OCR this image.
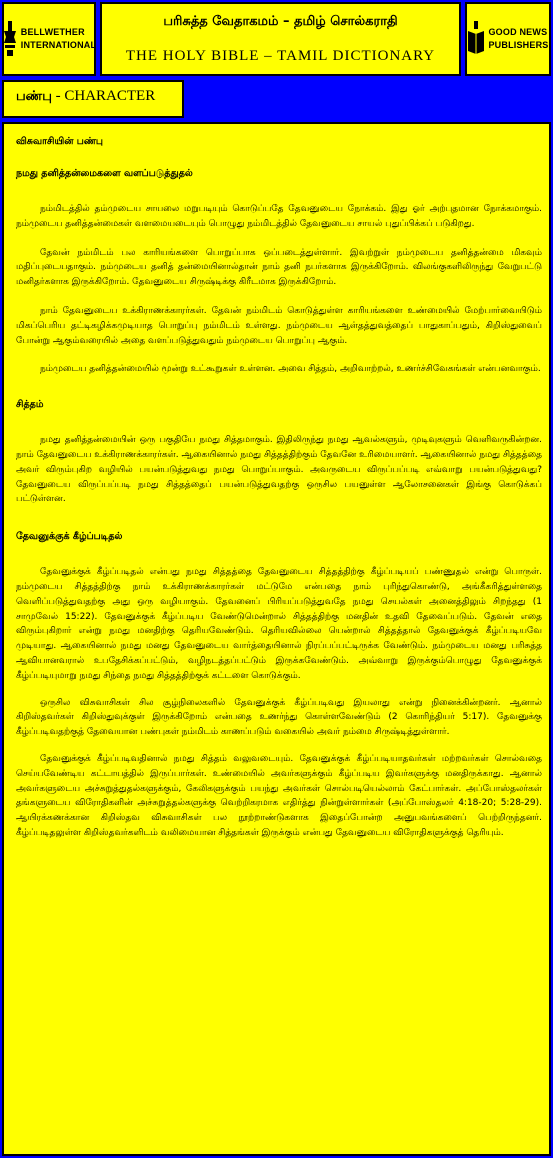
BELLWETHER
INTERNATIONAL
பரிசுத்த வேதாகமம் – தமிழ் சொல்கராதி
THE HOLY BIBLE – TAMIL DICTIONARY
GOOD NEWS
PUBLISHERS
பண்பு - CHARACTER

விசுவாசியின் பண்பு

நமது தனித்தன்மைகளை வளப்படுத்துதல்

நம்மிடத்தில் தம்முடைய சாயலை மறுபடியும் கொடுப்பதே தேவனுடைய நோக்கம். இது ஓர் அற்புதமான நோக்கமாகும். நம்முடைய தனித்தன்மைகள் வளமையடையும் பொழுது நம்மிடத்தில் தேவனுடைய சாயல் புதுப்பிக்கப் படுகிறது.

தேவன் நம்மிடம் பல காரியங்களை பொறுப்பாக ஒப்படைத்துள்ளார். இவற்றுள் நம்முடைய தனித்தன்மை மிகவும் மதிப்புடையதாகும். நம்முடைய தனித் தன்மையினால்தான் நாம் தனி நபர்களாக இருக்கிறோம். விலங்குகளிலிருந்து வேறுபட்டு மனிதர்களாக இருக்கிறோம். தேவனுடைய சிருஷ்டிக்கு கிரீடமாக இருக்கிறோம்.

நாம் தேவனுடைய உக்கிராணக்காரர்கள். தேவன் நம்மிடம் கொடுத்துள்ள காரியங்களை உண்மையில் மேற்பார்வையிடும் மிகப்பெரிய தட்டிகழிக்கமுடியாத பொறுப்பு நம்மிடம் உள்ளது. நம்முடைய ஆள்தத்துவத்தைப் பாதுகாப்பதும், கிறிஸ்துவைப் போன்று ஆகும்வரையில் அதை வளப்படுத்துவதும் நம்முடைய பொறுப்பு ஆகும்.

நம்முடைய தனித்தன்மையில் மூன்று உட்கூறுகள் உள்ளன. அவை சித்தம், அறிவாற்றல், உணர்ச்சிவேகங்கள் என்பனவாகும்.

சித்தம்

நமது தனித்தன்மையின் ஒரு பகுதியே நமது சித்தமாகும். இதிலிருந்து நமது ஆவல்களும், முடிவுகளும் வெளிவருகின்றன. நாம் தேவனுடைய உக்கிராணக்காரர்கள். ஆகையினால் நமது சித்தத்திற்கும் தேவனே உரிமையாளர். ஆகையினால் நமது சித்தத்தை அவர் விரும்புகிற வழியில் பயன்படுத்துவது நமது பொறுப்பாகும். அவருடைய விருப்பப்படி எவ்வாறு பயன்படுத்துவது? தேவனுடைய விருப்பப்படி நமது சித்தத்தைப் பயன்படுத்துவதற்கு ஒருசில பயனுள்ள ஆலோசனைகள் இங்கு கொடுக்கப் பட்டுள்ளன.

தேவனுக்குக் கீழ்ப்படிதல்

தேவனுக்குக் கீழ்ப்படிதல் என்பது நமது சித்தத்தை தேவனுடைய சித்தத்திற்கு கீழ்ப்படியப் பண்ணுதல் என்று பொருள். நம்முடைய சித்தத்திற்கு நாம் உக்கிராணக்காரர்கள் மட்டுமே என்பதை நாம் புரிந்துகொண்டு, அங்கீகரித்துள்ளதை வெளிப்படுத்துவதற்கு அது ஒரு வழியாகும். தேவனைப் பிரியப்படுத்துவதே நமது செயல்கள் அனைத்திலும் சிறந்தது (1 சாமுவேல் 15:22). தேவனுக்குக் கீழ்ப்படிய வேண்டுமென்றால் சித்தத்திற்கு மனதின் உதவி தேவைப்படும். தேவன் எதை விரும்புகிறார் என்று நமது மனதிற்கு தெரியவேண்டும். தெரியவில்லை யென்றால் சித்தத்தால் தேவனுக்குக் கீழ்ப்படியவே முடியாது. ஆகையினால் நமது மனது தேவனுடைய வார்த்தையினால் நிரப்பப்பட்டிருக்க வேண்டும். நம்முடைய மனது பரிசுத்த ஆவியானவரால் உபதேசிக்கப்பட்டும், வழிநடத்தப்பட்டும் இருக்கவேண்டும். அவ்வாறு இருக்கும்பொழுது தேவனுக்குக் கீழ்ப்படியுமாறு நமது சிந்தை நமது சித்தத்திற்குக் கட்டளை கொடுக்கும்.

ஒருசில விசுவாசிகள் சில சூழ்நிலைகளில் தேவனுக்குக் கீழ்ப்படிவது இயலாது என்று நினைக்கின்றனர். ஆனால் கிறிஸ்தவர்கள் கிறிஸ்துவுக்குள் இருக்கிறோம் என்பதை உணர்ந்து கொள்ளவேண்டும் (2 கொரிந்தியர் 5:17). தேவனுக்கு கீழ்ப்படிவதற்குத் தேவையான பண்புகள் நம்மிடம் காணப்படும் வகையில் அவர் நம்மை சிருஷ்டித்துள்ளார்.

தேவனுக்குக் கீழ்ப்படிவதினால் நமது சித்தம் வலுவடையும். தேவனுக்குக் கீழ்ப்படியாதவர்கள் மற்றவர்கள் சொல்வதை செய்யவேண்டிய கட்டாயத்தில் இருப்பார்கள். உண்மையில் அவர்களுக்கும் கீழ்ப்படிய இவர்களுக்கு மனதிருக்காது. ஆனால் அவர்களுடைய அச்சுறுத்துதல்களுக்கும், கேலிகளுக்கும் பயந்து அவர்கள் சொல்படியெல்லாம் கேட்பார்கள். அப்போஸ்தலர்கள் தங்களுடைய விரோதிகளின் அச்சுறுத்தல்களுக்கு வெற்றிகரமாக எதிர்த்து நின்றுள்ளார்கள் (அப்போஸ்தலர் 4:18-20; 5:28-29). ஆயிரக்கணக்கான கிறிஸ்தவ விசுவாசிகள் பல நூற்றாண்டுகளாக இதைப்போன்ற அனுபவங்களைப் பெற்றிருந்தனர். கீழ்ப்படிதலுள்ள கிறிஸ்தவர்களிடம் வலிமையான சித்தங்கள் இருக்கும் என்பது தேவனுடைய விரோதிகளுக்குத் தெரியும்.
